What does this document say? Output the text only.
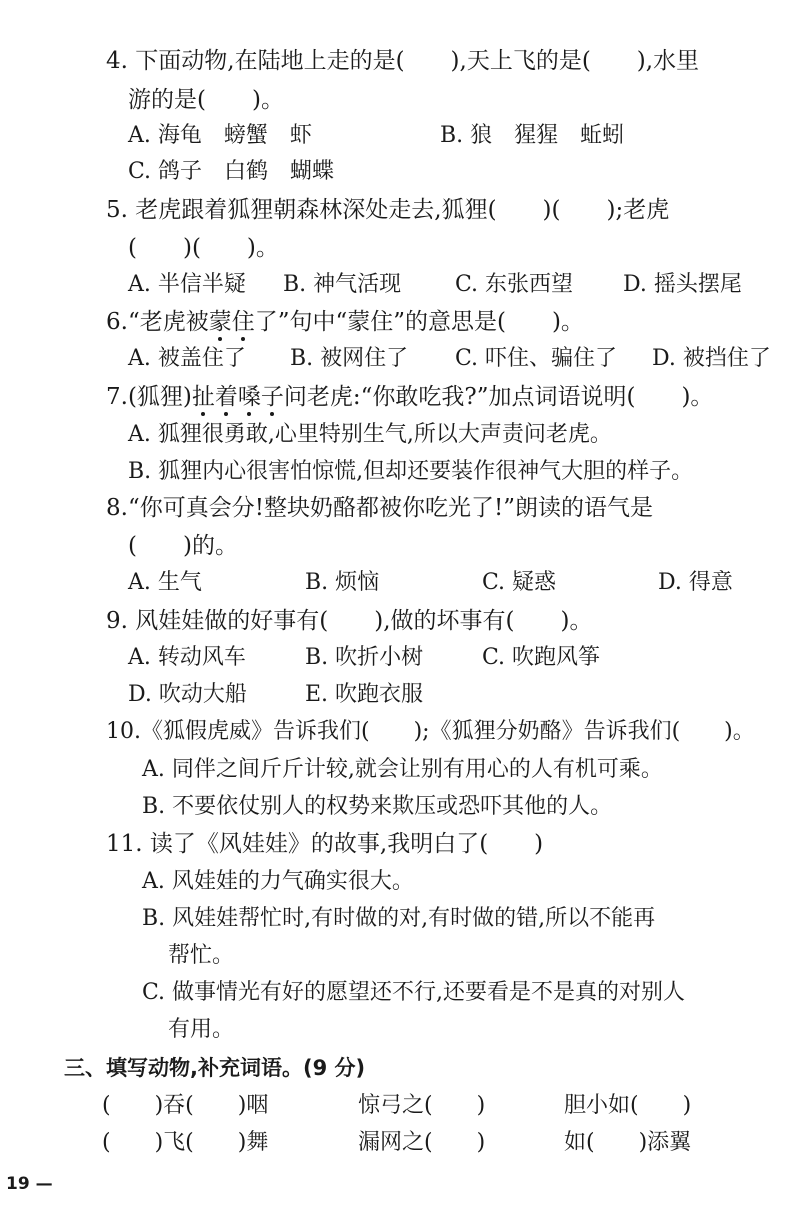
4. 下面动物,在陆地上走的是(　　),天上飞的是(　　),水里
游的是(　　)。
A. 海龟　螃蟹　虾	B. 狼　猩猩　蚯蚓
C. 鸽子　白鹤　蝴蝶
5. 老虎跟着狐狸朝森林深处走去,狐狸(　　)(　　);老虎
(　　)(　　)。
A. 半信半疑 B. 神气活现 C. 东张西望 D. 摇头摆尾
6.“老虎被蒙住了”句中“蒙住”的意思是(　　)。
A. 被盖住了 B. 被网住了 C. 吓住、骗住了 D. 被挡住了
7.(狐狸)扯着嗓子问老虎:“你敢吃我?”加点词语说明(　　)。
A. 狐狸很勇敢,心里特别生气,所以大声责问老虎。
B. 狐狸内心很害怕惊慌,但却还要装作很神气大胆的样子。
8.“你可真会分!整块奶酪都被你吃光了!”朗读的语气是
(　　)的。
A. 生气	B. 烦恼	C. 疑惑	D. 得意
9. 风娃娃做的好事有(　　),做的坏事有(　　)。
A. 转动风车	B. 吹折小树	C. 吹跑风筝
D. 吹动大船	E. 吹跑衣服
10.《狐假虎威》告诉我们(　　);《狐狸分奶酪》告诉我们(　　)。
A. 同伴之间斤斤计较,就会让别有用心的人有机可乘。
B. 不要依仗别人的权势来欺压或恐吓其他的人。
11. 读了《风娃娃》的故事,我明白了(　　)
A. 风娃娃的力气确实很大。
B. 风娃娃帮忙时,有时做的对,有时做的错,所以不能再
帮忙。
C. 做事情光有好的愿望还不行,还要看是不是真的对别人
有用。
三、填写动物,补充词语。(9 分)
(　　)吞(　　)咽	惊弓之(　　)	胆小如(　　)
(　　)飞(　　)舞	漏网之(　　)	如(　　)添翼
19 —
